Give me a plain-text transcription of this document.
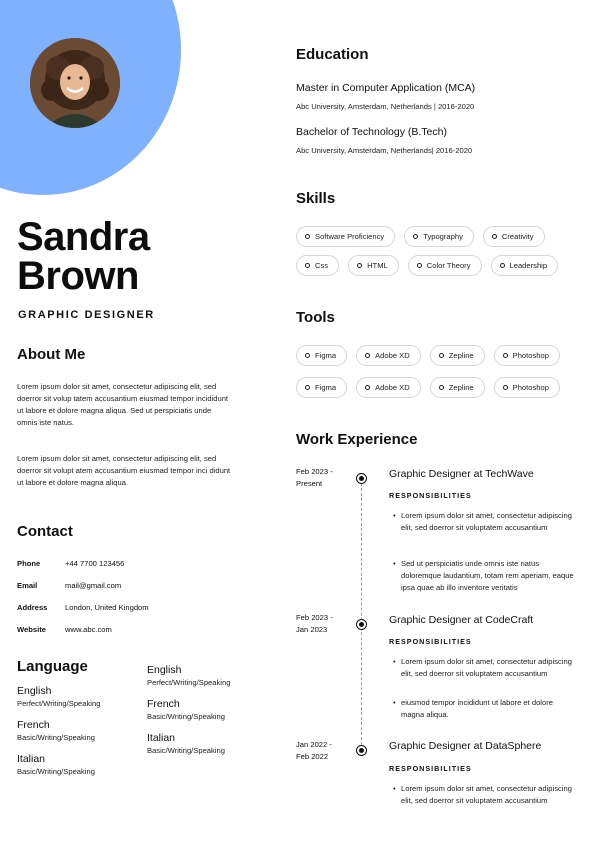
Sandra
Brown
GRAPHIC DESIGNER
About Me
Lorem ipsum dolor sit amet, consectetur adipiscing elit, sed doerror sit volup tatem accusantium eiusmad tempor incididunt ut labore et dolore magna aliqua. Sed ut perspiciatis unde omnis iste natus.
Lorem ipsum dolor sit amet, consectetur adipiscing elit, sed doerror sit volupt atem accusantium eiusmad tempor inci didunt ut labore et dolore magna aliqua.
Contact
Phone	+44 7700 123456
Email	mail@gmail.com
Address London, United Kingdom
Website	www.abc.com
Language
English
Perfect/Writing/Speaking
French
Basic/Writing/Speaking
Italian
Basic/Writing/Speaking
English
Perfect/Writing/Speaking
French
Basic/Writing/Speaking
Italian
Basic/Writing/Speaking
Education
Master in Computer Application (MCA)
Abc University, Amsterdam, Netherlands | 2016-2020
Bachelor of Technology (B.Tech)
Abc University, Amsterdam, Netherlands| 2016-2020
Skills
Software Proficiency	Typography	Creativity
Css	HTML	Color Theory	Leadership
Tools
Figma	Adobe XD	Zepline	Photoshop
Figma	Adobe XD	Zepline	Photoshop
Work Experience
Feb 2023 -
Present
Graphic Designer at TechWave
RESPONSIBILITIES
• Lorem ipsum dolor sit amet, consectetur adipiscing elit, sed doerror sit voluptatem accusantium
• Sed ut perspiciatis unde omnis iste natus doloremque laudantium, totam rem aperiam, eaque ipsa quae ab illo inventore veritatis
Feb 2023 -
Jan 2023
Graphic Designer at CodeCraft
RESPONSIBILITIES
• Lorem ipsum dolor sit amet, consectetur adipiscing elit, sed doerror sit voluptatem accusantium
• eiusmod tempor incididunt ut labore et dolore magna aliqua.
Jan 2022 -
Feb 2022
Graphic Designer at DataSphere
RESPONSIBILITIES
• Lorem ipsum dolor sit amet, consectetur adipiscing elit, sed doerror sit voluptatem accusantium
